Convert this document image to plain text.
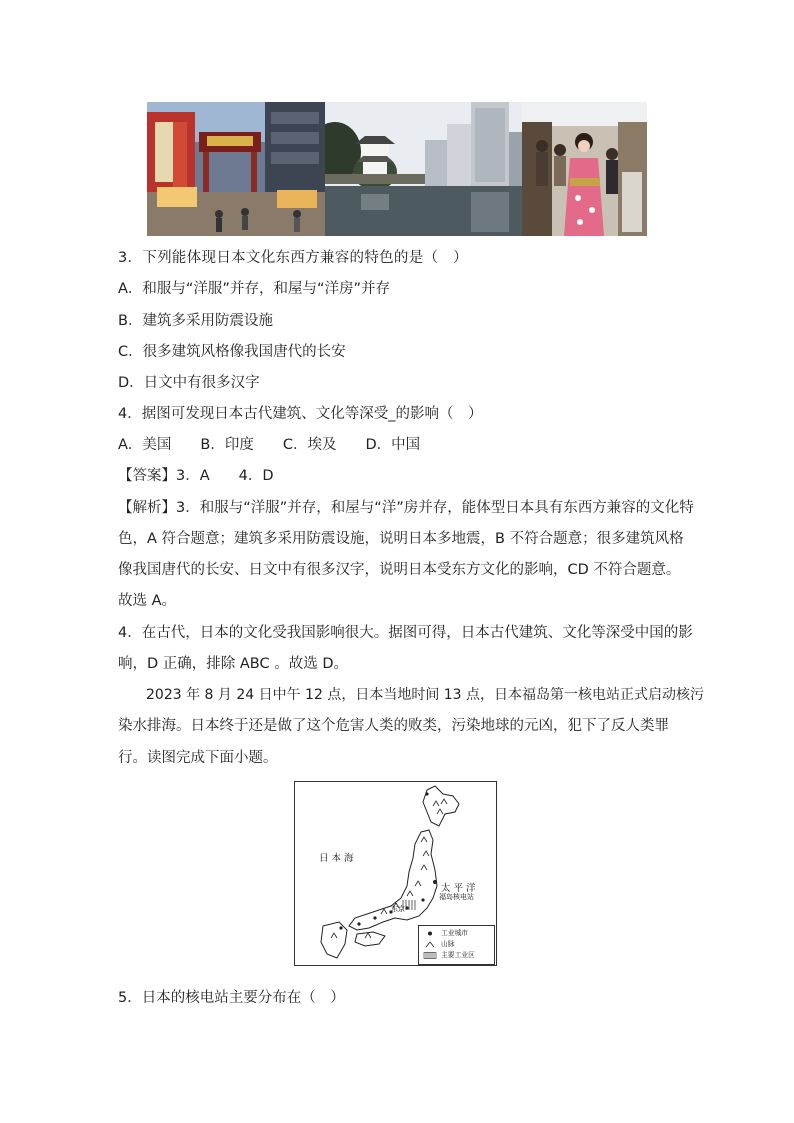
3．下列能体现日本文化东西方兼容的特色的是（　）
A．和服与“洋服”并存，和屋与“洋房”并存
B．建筑多采用防震设施
C．很多建筑风格像我国唐代的长安
D．日文中有很多汉字
4．据图可发现日本古代建筑、文化等深受_的影响（　）
A．美国　　B．印度　　C．埃及　　D．中国
【答案】3．A　　4．D
【解析】3．和服与“洋服”并存，和屋与“洋”房并存，能体型日本具有东西方兼容的文化特
色，A 符合题意；建筑多采用防震设施，说明日本多地震，B 不符合题意；很多建筑风格
像我国唐代的长安、日文中有很多汉字，说明日本受东方文化的影响，CD 不符合题意。
故选 A。
4．在古代，日本的文化受我国影响很大。据图可得，日本古代建筑、文化等深受中国的影
响，D 正确，排除 ABC 。故选 D。
2023 年 8 月 24 日中午 12 点，日本当地时间 13 点，日本福岛第一核电站正式启动核污
染水排海。日本终于还是做了这个危害人类的败类，污染地球的元凶，犯下了反人类罪
行。读图完成下面小题。
日 本 海
太 平 洋
福岛核电站
东京
工业城市
山脉
主要工业区
5．日本的核电站主要分布在（　）
